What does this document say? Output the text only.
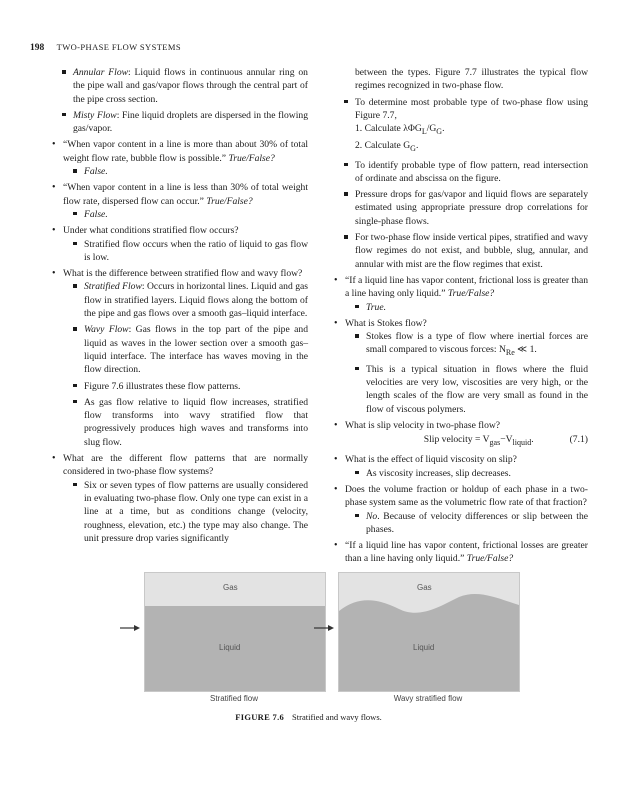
198 TWO-PHASE FLOW SYSTEMS
Annular Flow: Liquid flows in continuous annular ring on the pipe wall and gas/vapor flows through the central part of the pipe cross section.
Misty Flow: Fine liquid droplets are dispersed in the flowing gas/vapor.
• “When vapor content in a line is more than about 30% of total weight flow rate, bubble flow is possible.” True/False?
False.
• “When vapor content in a line is less than 30% of total weight flow rate, dispersed flow can occur.” True/False?
False.
• Under what conditions stratified flow occurs?
Stratified flow occurs when the ratio of liquid to gas flow is low.
• What is the difference between stratified flow and wavy flow?
Stratified Flow: Occurs in horizontal lines. Liquid and gas flow in stratified layers. Liquid flows along the bottom of the pipe and gas flows over a smooth gas–liquid interface.
Wavy Flow: Gas flows in the top part of the pipe and liquid as waves in the lower section over a smooth gas–liquid interface. The interface has waves moving in the flow direction.
Figure 7.6 illustrates these flow patterns.
As gas flow relative to liquid flow increases, stratified flow transforms into wavy stratified flow that progressively produces high waves and transforms into slug flow.
• What are the different flow patterns that are normally considered in two-phase flow systems?
Six or seven types of flow patterns are usually considered in evaluating two-phase flow. Only one type can exist in a line at a time, but as conditions change (velocity, roughness, elevation, etc.) the type may also change. The unit pressure drop varies significantly
between the types. Figure 7.7 illustrates the typical flow regimes recognized in two-phase flow.
To determine most probable type of two-phase flow using Figure 7.7,
1. Calculate $\lambda\Phi G_L/G_G$.
2. Calculate $G_G$.
To identify probable type of flow pattern, read intersection of ordinate and abscissa on the figure.
Pressure drops for gas/vapor and liquid flows are separately estimated using appropriate pressure drop correlations for single-phase flows.
For two-phase flow inside vertical pipes, stratified and wavy flow regimes do not exist, and bubble, slug, annular, and annular with mist are the flow regimes that exist.
• “If a liquid line has vapor content, frictional loss is greater than a line having only liquid.” True/False?
True.
• What is Stokes flow?
Stokes flow is a type of flow where inertial forces are small compared to viscous forces: $N_{Re}$ ≪ 1.
This is a typical situation in flows where the fluid velocities are very low, viscosities are very high, or the length scales of the flow are very small as found in the flow of viscous polymers.
• What is slip velocity in two-phase flow?
Slip velocity = $V_{gas}-V_{liquid}$.	(7.1)
• What is the effect of liquid viscosity on slip?
As viscosity increases, slip decreases.
• Does the volume fraction or holdup of each phase in a two-phase system same as the volumetric flow rate of that fraction?
No. Because of velocity differences or slip between the phases.
• “If a liquid line has vapor content, frictional losses are greater than a line having only liquid.” True/False?
Gas
Liquid
Stratified flow
Gas
Liquid
Wavy stratified flow
FIGURE 7.6 Stratified and wavy flows.
